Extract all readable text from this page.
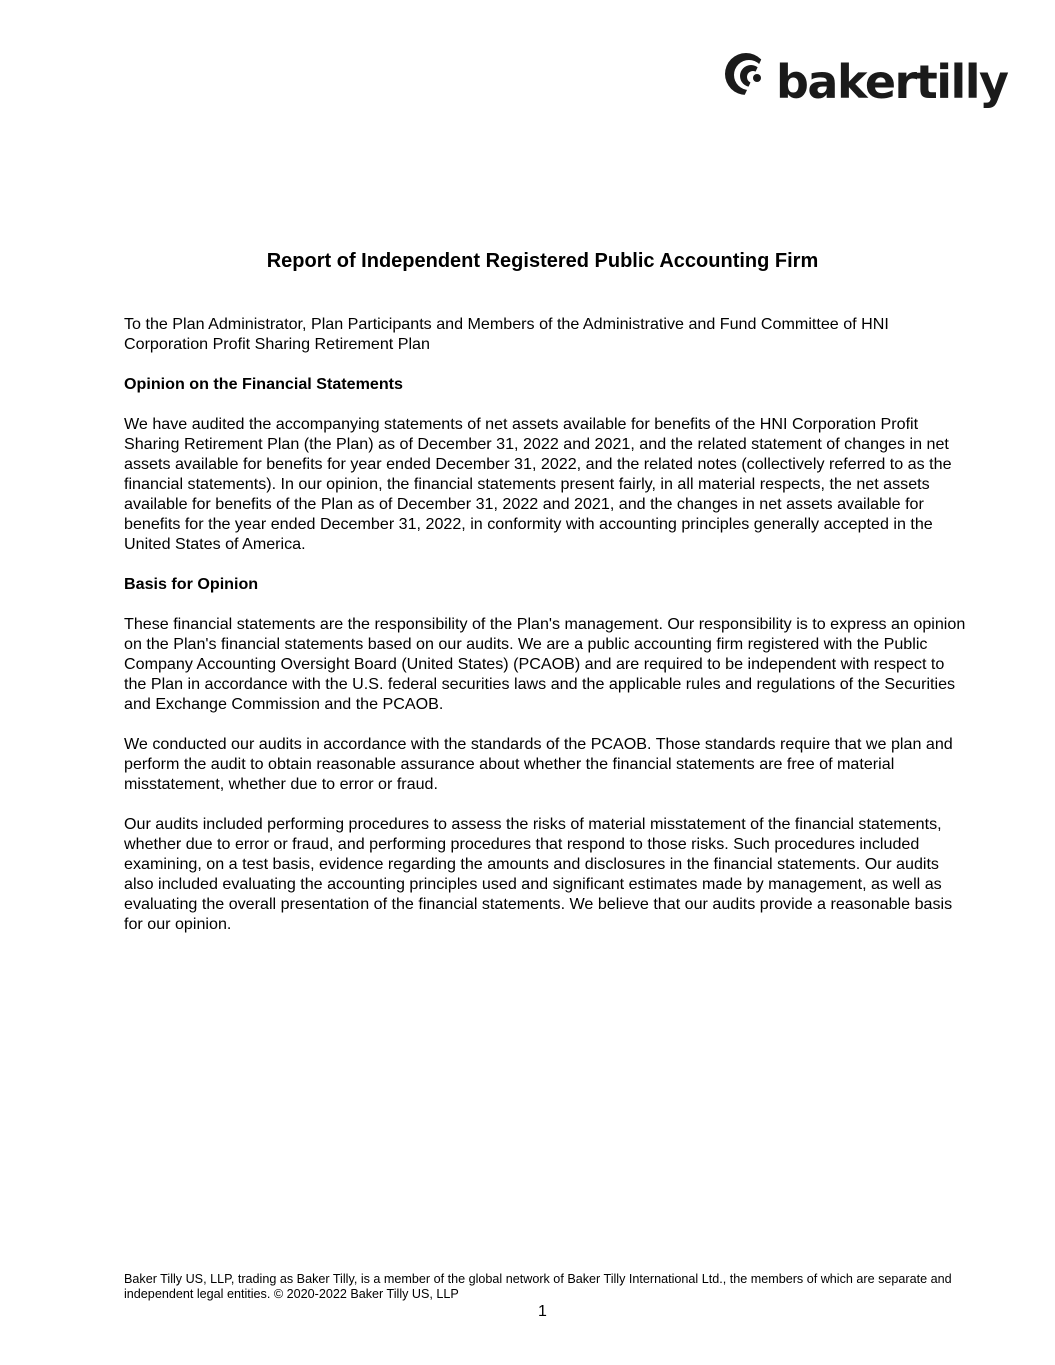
bakertilly
Report of Independent Registered Public Accounting Firm

To the Plan Administrator, Plan Participants and Members of the Administrative and Fund Committee of HNI Corporation Profit Sharing Retirement Plan

Opinion on the Financial Statements

We have audited the accompanying statements of net assets available for benefits of the HNI Corporation Profit Sharing Retirement Plan (the Plan) as of December 31, 2022 and 2021, and the related statement of changes in net assets available for benefits for year ended December 31, 2022, and the related notes (collectively referred to as the financial statements). In our opinion, the financial statements present fairly, in all material respects, the net assets available for benefits of the Plan as of December 31, 2022 and 2021, and the changes in net assets available for benefits for the year ended December 31, 2022, in conformity with accounting principles generally accepted in the United States of America.

Basis for Opinion

These financial statements are the responsibility of the Plan's management. Our responsibility is to express an opinion on the Plan's financial statements based on our audits. We are a public accounting firm registered with the Public Company Accounting Oversight Board (United States) (PCAOB) and are required to be independent with respect to the Plan in accordance with the U.S. federal securities laws and the applicable rules and regulations of the Securities and Exchange Commission and the PCAOB.

We conducted our audits in accordance with the standards of the PCAOB. Those standards require that we plan and perform the audit to obtain reasonable assurance about whether the financial statements are free of material misstatement, whether due to error or fraud.

Our audits included performing procedures to assess the risks of material misstatement of the financial statements, whether due to error or fraud, and performing procedures that respond to those risks. Such procedures included examining, on a test basis, evidence regarding the amounts and disclosures in the financial statements. Our audits also included evaluating the accounting principles used and significant estimates made by management, as well as evaluating the overall presentation of the financial statements. We believe that our audits provide a reasonable basis for our opinion.

Baker Tilly US, LLP, trading as Baker Tilly, is a member of the global network of Baker Tilly International Ltd., the members of which are separate and independent legal entities. © 2020-2022 Baker Tilly US, LLP
1
